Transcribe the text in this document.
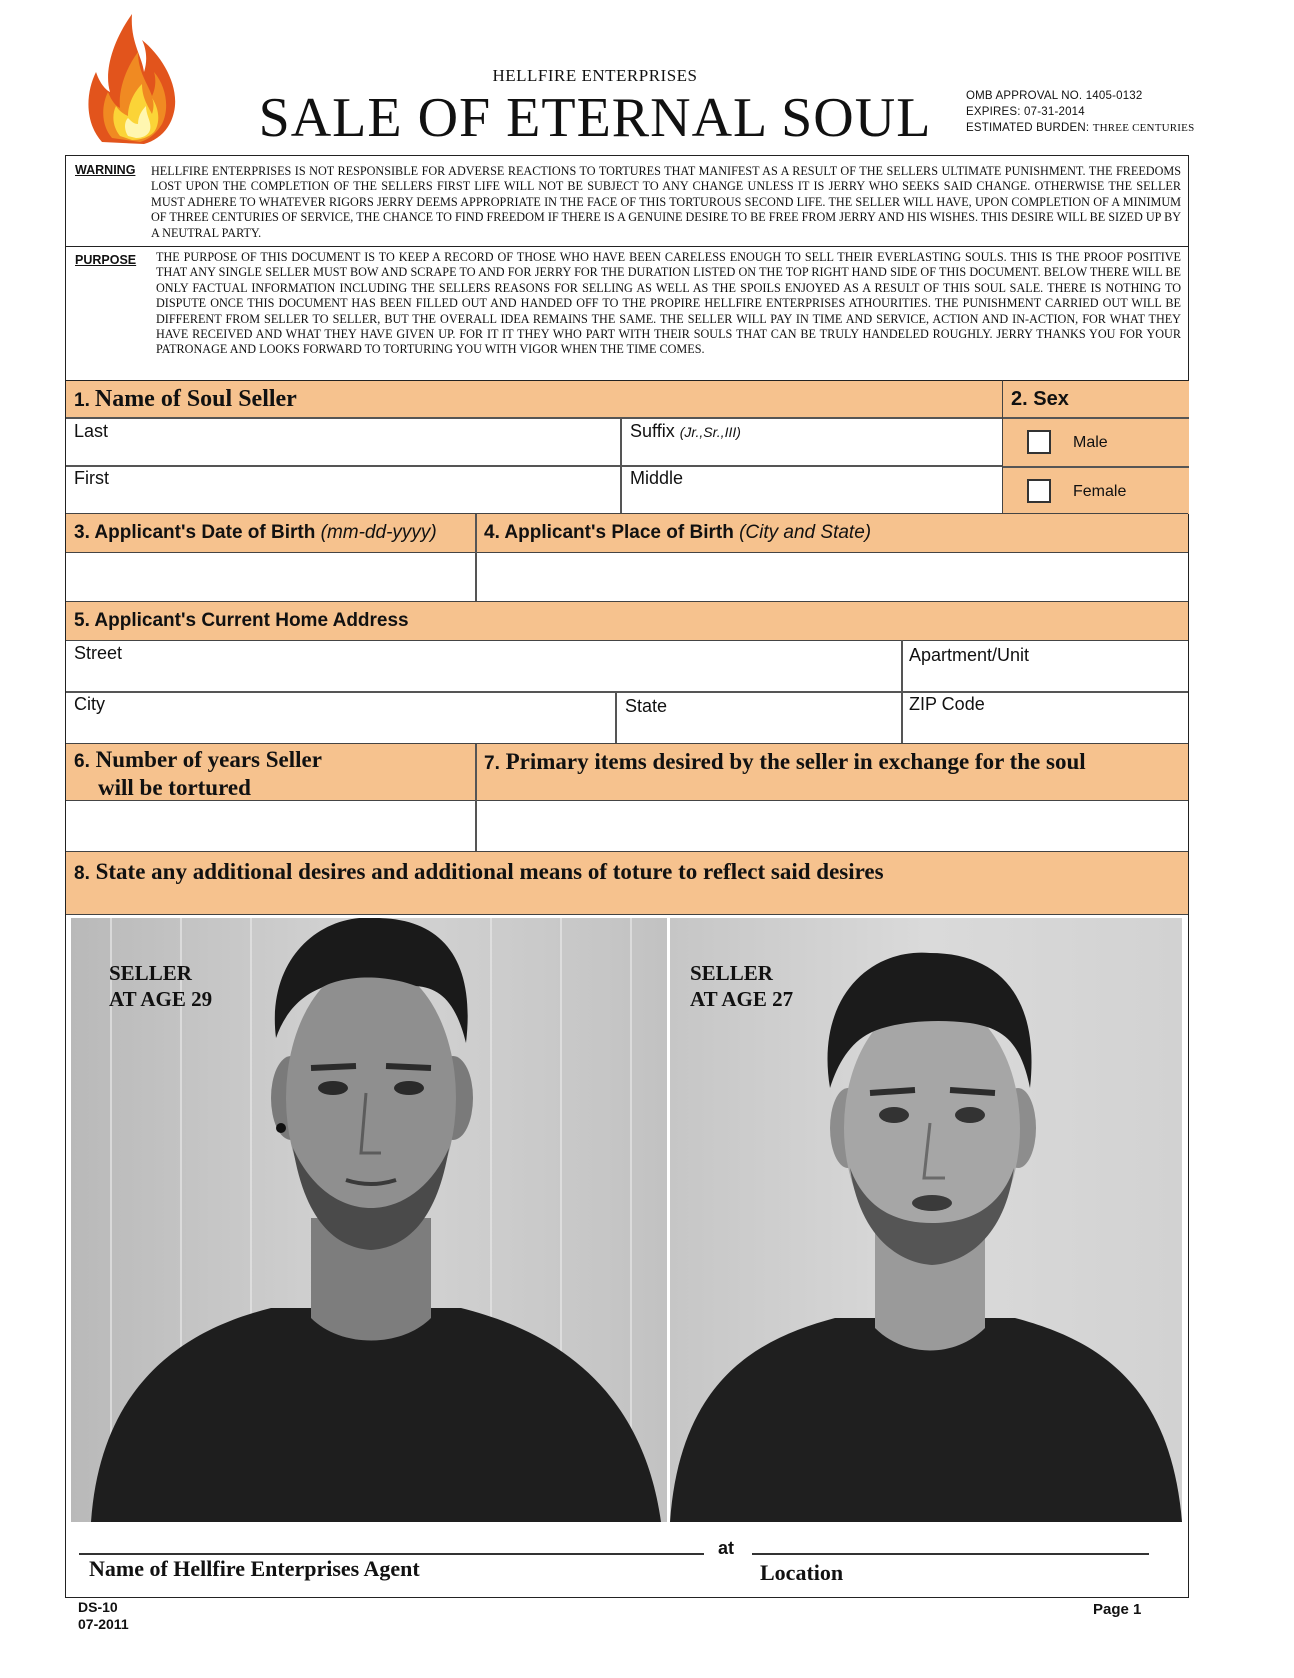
HELLFIRE ENTERPRISES
SALE OF ETERNAL SOUL	OMB APPROVAL NO. 1405-0132
EXPIRES: 07-31-2014
ESTIMATED BURDEN: THREE CENTURIES
WARNING HELLFIRE ENTERPRISES IS NOT RESPONSIBLE FOR ADVERSE REACTIONS TO TORTURES THAT MANIFEST AS A RESULT OF THE SELLERS ULTIMATE PUNISHMENT. THE FREEDOMS LOST UPON THE COMPLETION OF THE SELLERS FIRST LIFE WILL NOT BE SUBJECT TO ANY CHANGE UNLESS IT IS JERRY WHO SEEKS SAID CHANGE. OTHERWISE THE SELLER MUST ADHERE TO WHATEVER RIGORS JERRY DEEMS APPROPRIATE IN THE FACE OF THIS TORTUROUS SECOND LIFE. THE SELLER WILL HAVE, UPON COMPLETION OF A MINIMUM OF THREE CENTURIES OF SERVICE, THE CHANCE TO FIND FREEDOM IF THERE IS A GENUINE DESIRE TO BE FREE FROM JERRY AND HIS WISHES. THIS DESIRE WILL BE SIZED UP BY A NEUTRAL PARTY.
PURPOSE THE PURPOSE OF THIS DOCUMENT IS TO KEEP A RECORD OF THOSE WHO HAVE BEEN CARELESS ENOUGH TO SELL THEIR EVERLASTING SOULS. THIS IS THE PROOF POSITIVE THAT ANY SINGLE SELLER MUST BOW AND SCRAPE TO AND FOR JERRY FOR THE DURATION LISTED ON THE TOP RIGHT HAND SIDE OF THIS DOCUMENT. BELOW THERE WILL BE ONLY FACTUAL INFORMATION INCLUDING THE SELLERS REASONS FOR SELLING AS WELL AS THE SPOILS ENJOYED AS A RESULT OF THIS SOUL SALE. THERE IS NOTHING TO DISPUTE ONCE THIS DOCUMENT HAS BEEN FILLED OUT AND HANDED OFF TO THE PROPIRE HELLFIRE ENTERPRISES ATHOURITIES. THE PUNISHMENT CARRIED OUT WILL BE DIFFERENT FROM SELLER TO SELLER, BUT THE OVERALL IDEA REMAINS THE SAME. THE SELLER WILL PAY IN TIME AND SERVICE, ACTION AND IN-ACTION, FOR WHAT THEY HAVE RECEIVED AND WHAT THEY HAVE GIVEN UP. FOR IT IT THEY WHO PART WITH THEIR SOULS THAT CAN BE TRULY HANDELED ROUGHLY. JERRY THANKS YOU FOR YOUR PATRONAGE AND LOOKS FORWARD TO TORTURING YOU WITH VIGOR WHEN THE TIME COMES.
1. Name of Soul Seller	2. Sex
Male
Female
Last	Suffix (Jr.,Sr.,III)
First	Middle
3. Applicant's Date of Birth (mm-dd-yyyy) 4. Applicant's Place of Birth (City and State)
5. Applicant's Current Home Address
Street	Apartment/Unit
City	State	ZIP Code
6. Number of years Seller
will be tortured
7. Primary items desired by the seller in exchange for the soul
8. State any additional desires and additional means of toture to reflect said desires
SELLER
AT AGE 29
SELLER
AT AGE 27
Name of Hellfire Enterprises Agent
at
Location
DS-10
07-2011
Page 1
